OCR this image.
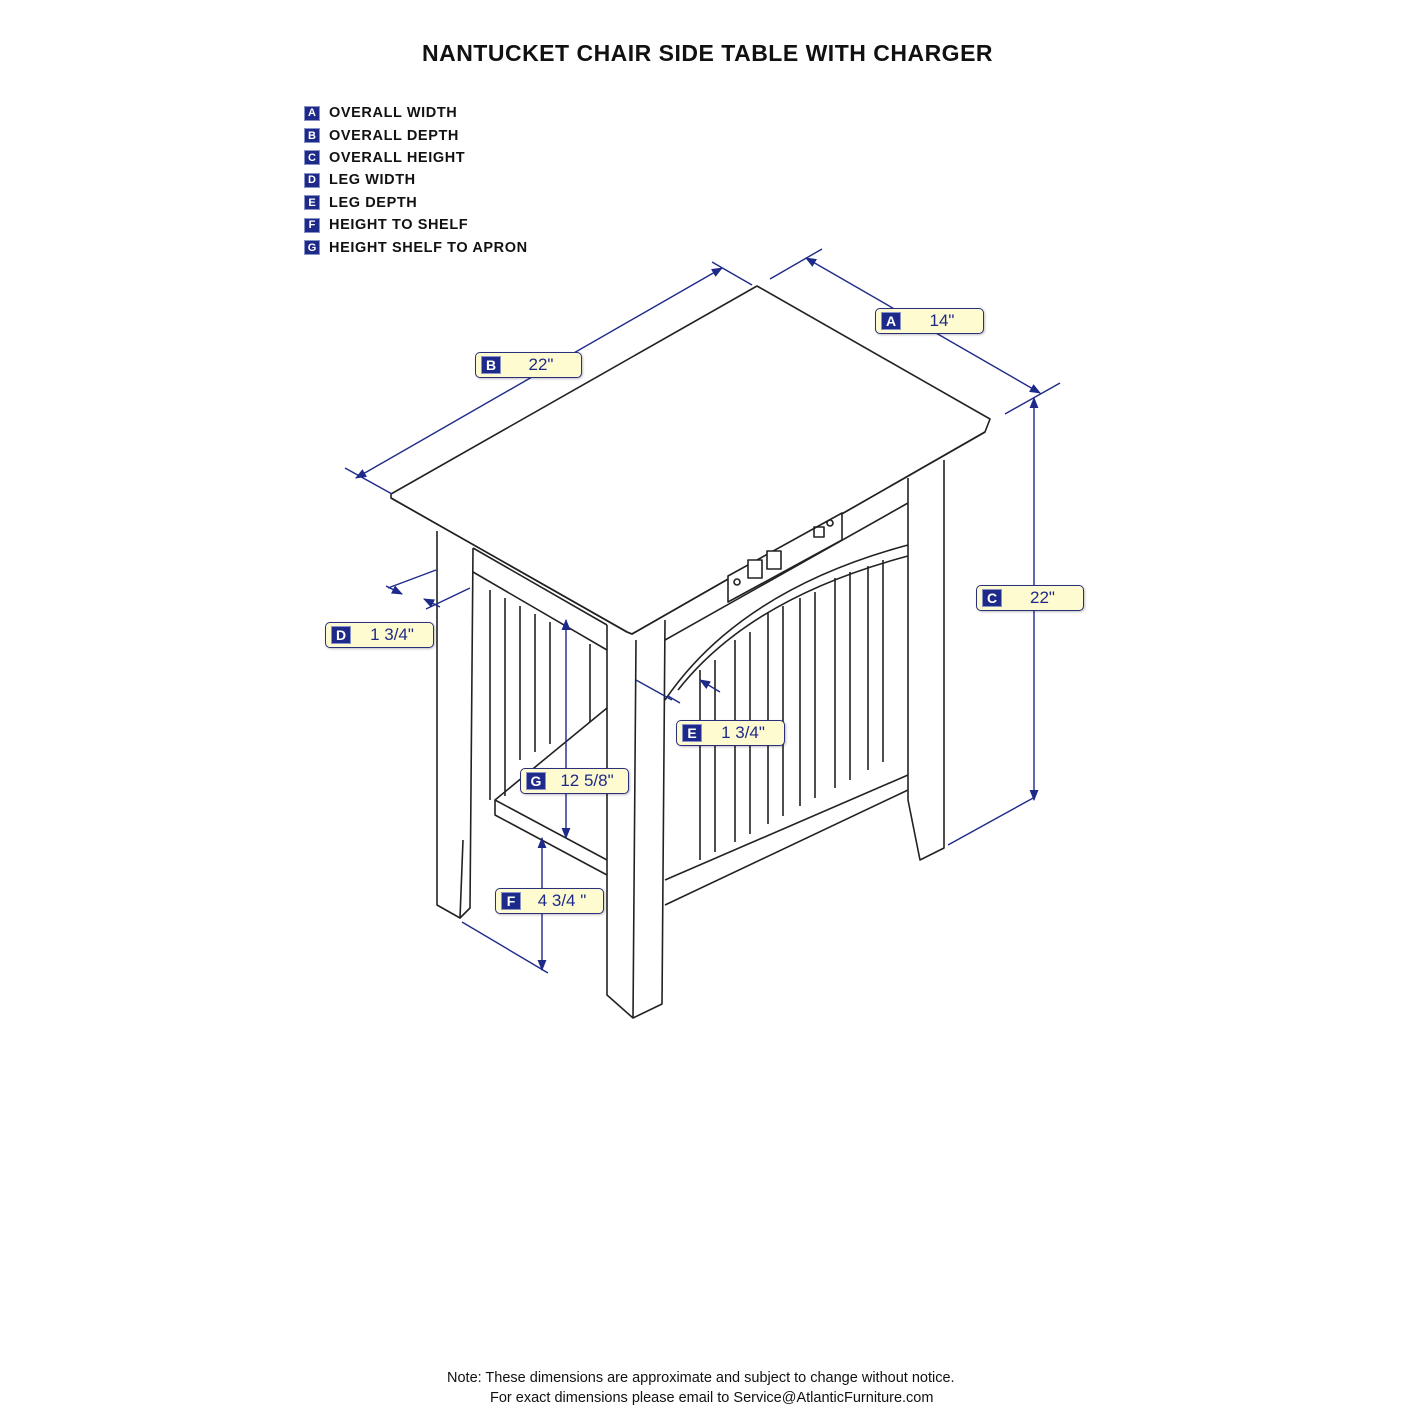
NANTUCKET CHAIR SIDE TABLE WITH CHARGER
A OVERALL WIDTH
B OVERALL DEPTH
C OVERALL HEIGHT
D LEG WIDTH
E LEG DEPTH
F HEIGHT TO SHELF
G HEIGHT SHELF TO APRON
A	14"
B	22"
C	22"
D	1 3/4"
E	1 3/4"
G	12 5/8"
F	4 3/4 "
Note: These dimensions are approximate and subject to change without notice.
For exact dimensions please email to Service@AtlanticFurniture.com
